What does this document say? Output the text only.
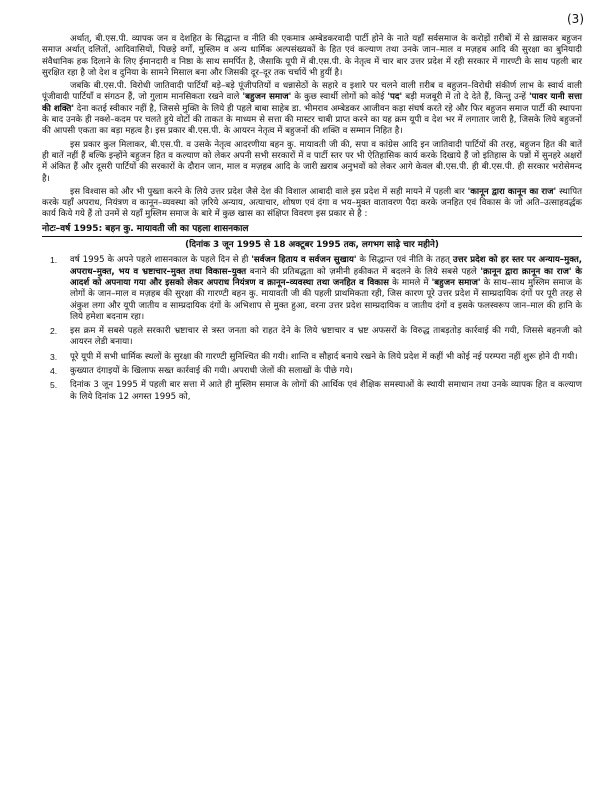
(3)

अर्थात्, बी.एस.पी. व्यापक जन व देशहित के सिद्धान्त व नीति की एकमात्र अम्बेडकरवादी पार्टी होने के नाते यहाँ सर्वसमाज के करोड़ों ग़रीबों में से ख़ासकर बहुजन समाज अर्थात् दलितों, आदिवासियों, पिछड़े वर्गों, मुस्लिम व अन्य धार्मिक अल्पसंख्यकों के हित एवं कल्याण तथा उनके जान–माल व मज़हब आदि की सुरक्षा का बुनियादी संवैधानिक हक दिलाने के लिए ईमानदारी व निष्ठा के साथ समर्पित है, जैसाकि यूपी में बी.एस.पी. के नेतृत्व में चार बार उत्तर प्रदेश में रही सरकार में गारण्टी के साथ पहली बार सुरक्षित रहा है जो देश व दुनिया के सामने मिसाल बना और जिसकी दूर–दूर तक चर्चायें भी हुयीं है।

जबकि बी.एस.पी. विरोधी जातिवादी पार्टियाँ बड़े–बड़े पूंजीपतियों व धन्नासेठों के सहारे व इशारे पर चलने वाली ग़रीब व बहुजन–विरोधी संकीर्ण लाभ के स्वार्थ वाली पूंजीवादी पार्टियाँ व संगठन हैं, जो गुलाम मानसिकता रखने वाले 'बहुजन समाज' के कुछ स्वार्थी लोगों को कोई 'पद' बड़ी मजबूरी में तो दे देते हैं, किन्तु उन्हें 'पावर यानी सत्ता की शक्ति' देना कतई स्वीकार नहीं है, जिससे मुक्ति के लिये ही पहले बाबा साहेब डा. भीमराव अम्बेडकर आजीवन कड़ा संघर्ष करते रहे और फिर बहुजन समाज पार्टी की स्थापना के बाद उनके ही नक्शे–कदम पर चलते हुये वोटों की ताकत के माध्यम से सत्ता की मास्टर चाबी प्राप्त करने का यह क्रम यूपी व देश भर में लगातार जारी है, जिसके लिये बहुजनों की आपसी एकता का बड़ा महत्व है। इस प्रकार बी.एस.पी. के आयरन नेतृत्व में बहुजनों की शक्ति व सम्मान निहित है।

इस प्रकार कुल मिलाकर, बी.एस.पी. व उसके नेतृत्व आदरणीया बहन कु. मायावती जी की, सपा व कांग्रेस आदि इन जातिवादी पार्टियों की तरह, बहुजन हित की बातें ही बातें नहीं हैं बल्कि इन्होंने बहुजन हित व कल्याण को लेकर अपनी सभी सरकारों में व पार्टी स्तर पर भी ऐतिहासिक कार्य करके दिखाये हैं जो इतिहास के पन्नों में सुनहरे अक्षरों में अंकित हैं और दूसरी पार्टियों की सरकारों के दौरान जान, माल व मज़हब आदि के जारी ख़राब अनुभवों को लेकर आगे केवल बी.एस.पी. ही बी.एस.पी. ही सरकार भरोसेमन्द है।

इस विश्वास को और भी पुख्ता करने के लिये उत्तर प्रदेश जैसे देश की विशाल आबादी वाले इस प्रदेश में सही मायने में पहली बार 'कानून द्वारा कानून का राज' स्थापित करके यहाँ अपराध, नियंत्रण व कानून–व्यवस्था को ज़रिये अन्याय, अत्याचार, शोषण एवं दंगा व भय–मुक्त वातावरण पैदा करके जनहित एवं विकास के जो अति–उत्साहवर्द्धक कार्य किये गये हैं तो उनमें से यहाँ मुस्लिम समाज के बारे में कुछ खास का संक्षिप्त विवरण इस प्रकार से है :

नोटः–वर्ष 1995: बहन कु. मायावती जी का पहला शासनकाल
(दिनांक 3 जून 1995 से 18 अक्टूबर 1995 तक, लगभग साढ़े चार महीने)
1. वर्ष 1995 के अपने पहले शासनकाल के पहले दिन से ही 'सर्वजन हिताय व सर्वजन सुखाय' के सिद्धान्त एवं नीति के तहत् उत्तर प्रदेश को हर स्तर पर अन्याय–मुक्त, अपराध–मुक्त, भय व भ्रष्टाचार–मुक्त तथा विकास–युक्त बनाने की प्रतिबद्धता को ज़मीनी हकीकत में बदलने के लिये सबसे पहले 'क़ानून द्वारा क़ानून का राज' के आदर्श को अपनाया गया और इसको लेकर अपराध नियंत्रण व क़ानून–व्यवस्था तथा जनहित व विकास के मामले में 'बहुजन समाज' के साथ–साथ मुस्लिम समाज के लोगों के जान–माल व मज़हब की सुरक्षा की गारण्टी बहन कु. मायावती जी की पहली प्राथमिकता रही, जिस कारण पूरे उत्तर प्रदेश में साम्प्रदायिक दंगों पर पूरी तरह से अंकुश लगा और यूपी जातीय व साम्प्रदायिक दंगों के अभिशाप से मुक्त हुआ, वरना उत्तर प्रदेश साम्प्रदायिक व जातीय दंगों व इसके फलस्वरूप जान–माल की हानि के लिये हमेशा बदनाम रहा।
2. इस क्रम में सबसे पहले सरकारी भ्रष्टाचार से त्रस्त जनता को राहत देने के लिये भ्रष्टाचार व भ्रष्ट अफसरों के विरुद्ध ताबड़तोड़ कार्रवाई की गयी, जिससे बहनजी को आयरन लेडी बनाया।
3. पूरे यूपी में सभी धार्मिक स्थलों के सुरक्षा की गारण्टी सुनिश्चित की गयी। शान्ति व सौहार्द बनाये रखने के लिये प्रदेश में कहीं भी कोई नई परम्परा नहीं शुरू होने दी गयी।
4. कुख्यात दंगाइयों के खिलाफ सख्त कार्रवाई की गयी। अपराधी जेलों की सलाखों के पीछे गये।
5. दिनांक 3 जून 1995 में पहली बार सत्ता में आते ही मुस्लिम समाज के लोगों की आर्थिक एवं शैक्षिक समस्याओं के स्थायी समाधान तथा उनके व्यापक हित व कल्याण के लिये दिनांक 12 अगस्त 1995 को,
